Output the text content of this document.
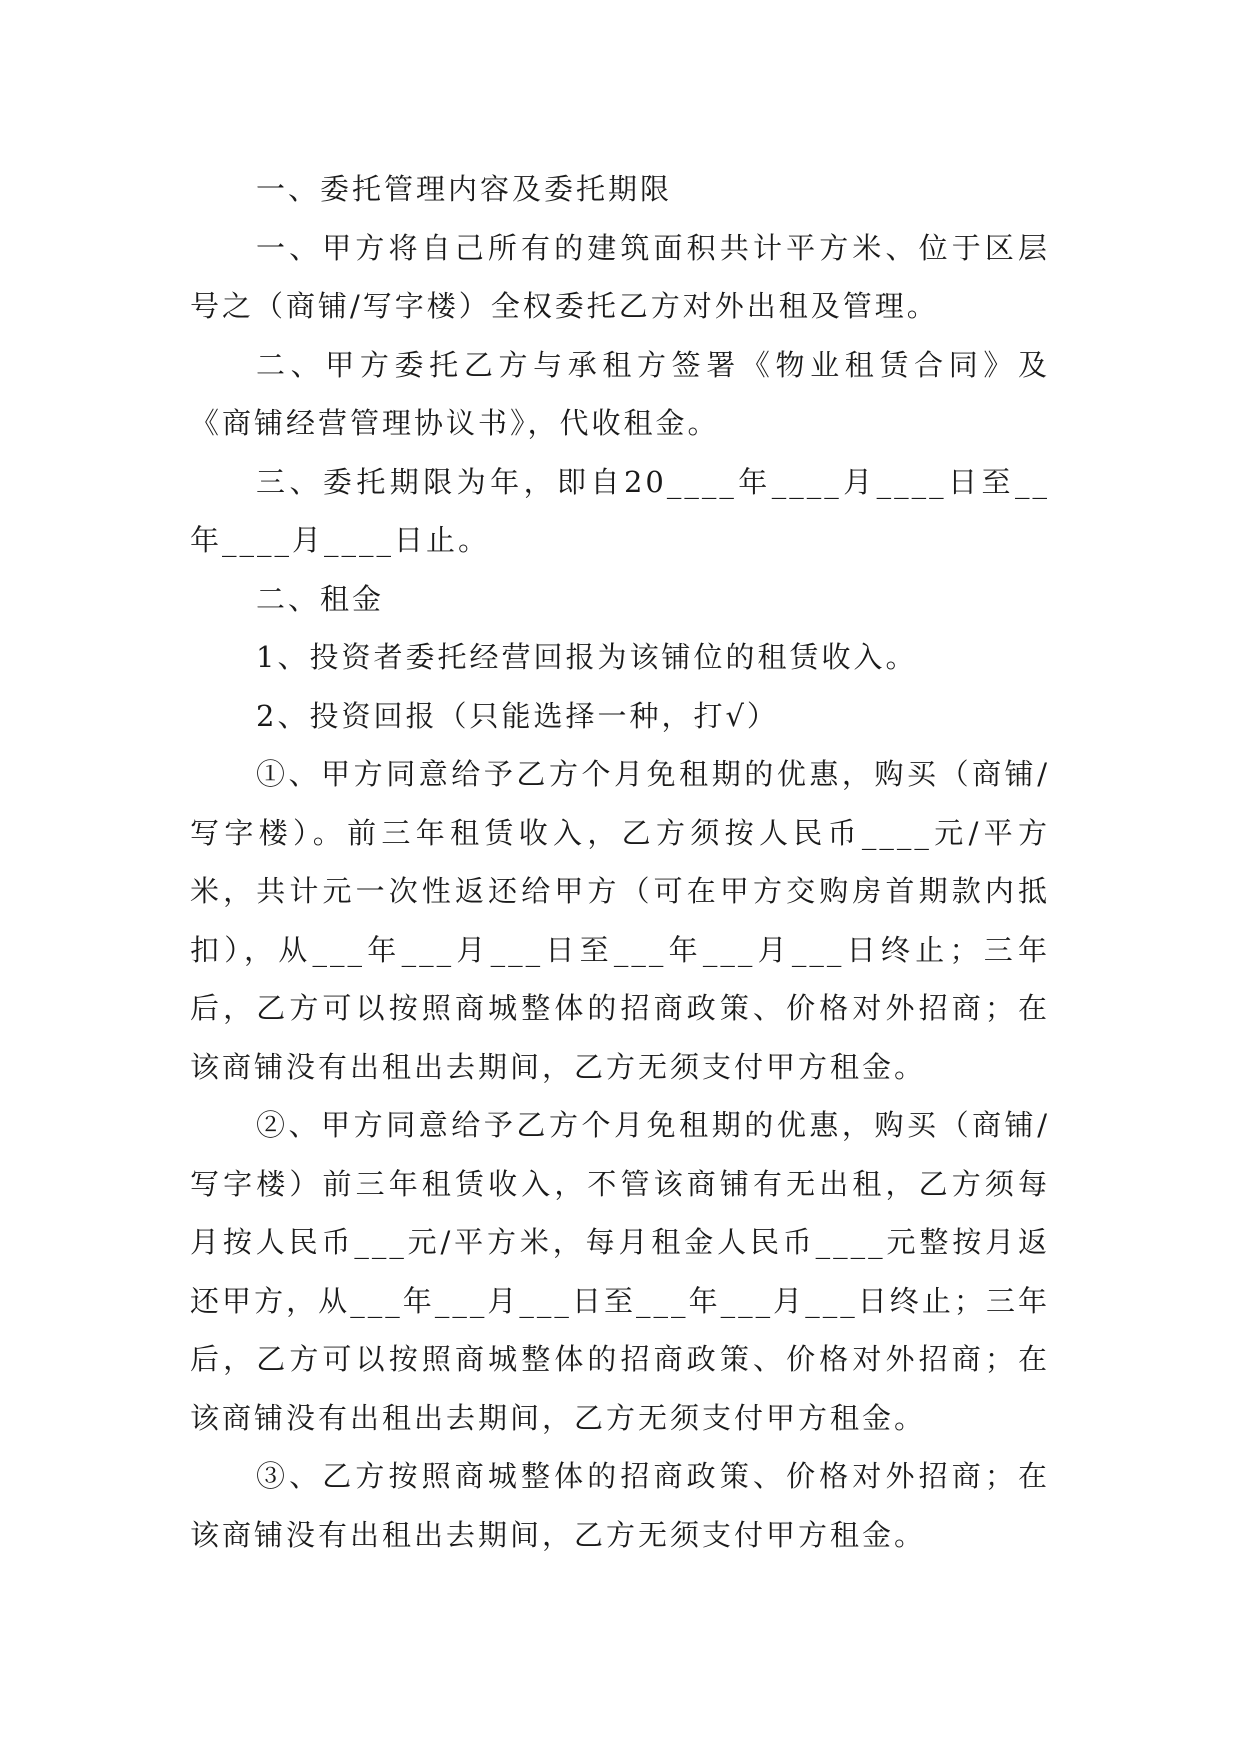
一、委托管理内容及委托期限

一、甲方将自己所有的建筑面积共计平方米、位于区层号之（商铺/写字楼）全权委托乙方对外出租及管理。

二、甲方委托乙方与承租方签署《物业租赁合同》及《商铺经营管理协议书》，代收租金。

三、委托期限为年，即自20____年____月____日至__年____月____日止。

二、租金

1、投资者委托经营回报为该铺位的租赁收入。

2、投资回报（只能选择一种，打√）

①、甲方同意给予乙方个月免租期的优惠，购买（商铺/写字楼）。前三年租赁收入，乙方须按人民币____元/平方米，共计元一次性返还给甲方（可在甲方交购房首期款内抵扣），从___年___月___日至___年___月___日终止；三年后，乙方可以按照商城整体的招商政策、价格对外招商；在该商铺没有出租出去期间，乙方无须支付甲方租金。

②、甲方同意给予乙方个月免租期的优惠，购买（商铺/写字楼）前三年租赁收入，不管该商铺有无出租，乙方须每月按人民币___元/平方米，每月租金人民币____元整按月返还甲方，从___年___月___日至___年___月___日终止；三年后，乙方可以按照商城整体的招商政策、价格对外招商；在该商铺没有出租出去期间，乙方无须支付甲方租金。

③、乙方按照商城整体的招商政策、价格对外招商；在该商铺没有出租出去期间，乙方无须支付甲方租金。
